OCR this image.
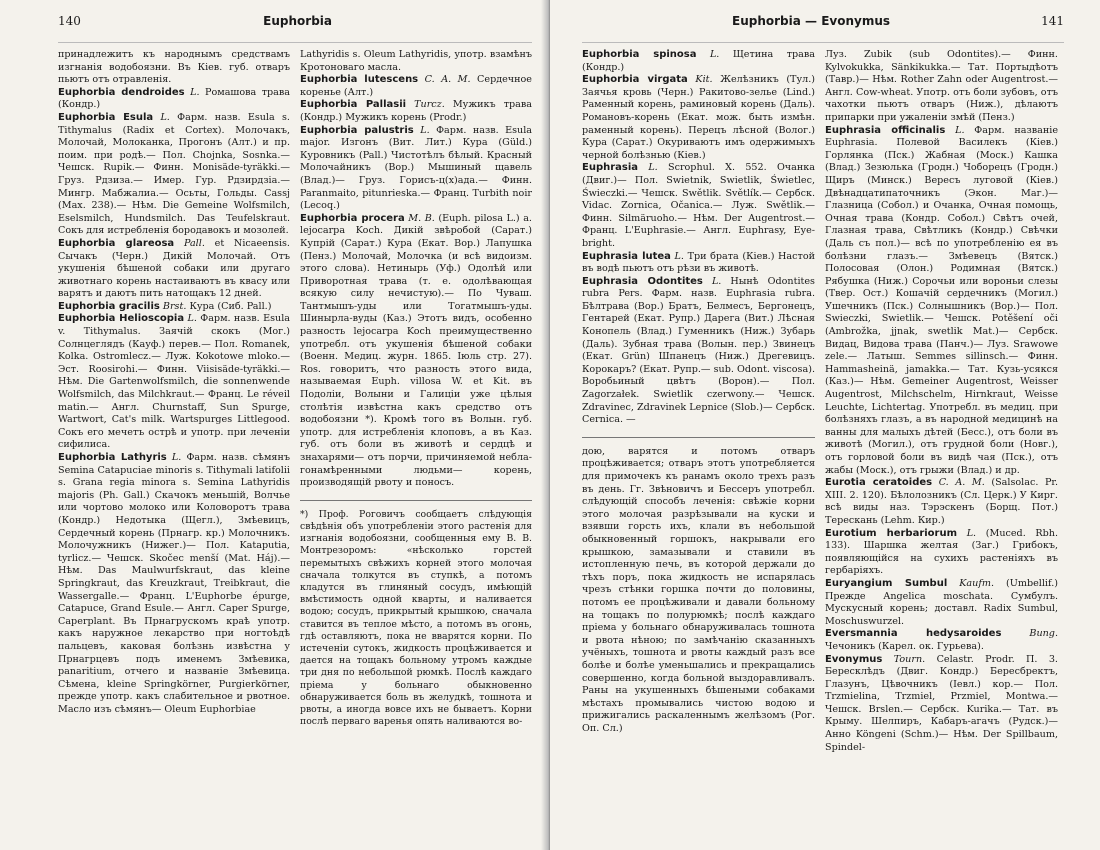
140	Euphorbia

принадлежитъ къ народнымъ средствамъ изгнанія водобоязни. Въ Кіев. губ. отваръ пьютъ отъ отравленія.

Euphorbia dendroides L. Ромашова трава (Кондр.)

Euphorbia Esula L. Фарм. назв. Esula s. Tithymalus (Radix et Cortex). Молочакъ, Молочай, Молоканка, Прогонъ (Алт.) и пр. поим. при родѣ.— Пол. Chojnka, Sosnka.— Чешск. Rupik.— Финн. Monisäde-tyräkki.— Груз. Рдзиза.— Имер. Гур. Рдзирдзia.— Мингр. Мабжалиа.— Осьты, Гольды. Cassj (Max. 238).— Нѣм. Die Gemeine Wolfsmilch, Eselsmilch, Hundsmilch. Das Teufelskraut. Сокъ для истребленія бородавокъ и мозолей.

Euphorbia glareosa Pall. et Nicaeensis. Сычакъ (Черн.) Дикій Молочай. Отъ укушенія бѣшеной собаки или другаго животнаго корень настаиваютъ въ квасу или варятъ и даютъ пить натощакъ 12 дней.

Euphorbia gracilis Brst. Кура (Сиб. Pall.)

Euphorbia Helioscopia L. Фарм. назв. Esula v. Tithymalus. Заячій скокъ (Мог.) Солнцеглядъ (Кауф.) перев.— Пол. Romanek, Kolka. Ostromlecz.— Луж. Kokotowe mloko.— Эст. Roosirohi.— Финн. Viisisäde-tyräkki.— Нѣм. Die Gartenwolfsmilch, die sonnenwende Wolfsmilch, das Milchkraut.— Франц. Le réveil matin.— Англ. Churnstaff, Sun Spurge, Wartwort, Cat's milk. Wartspurges Littlegood. Сокъ его мечетъ острѣ и употр. при леченіи сифилиса.

Euphorbia Lathyris L. Фарм. назв. сѣмянъ Semina Catapuciae minoris s. Tithymali latifolii s. Grana regia minora s. Semina Lathyridis majoris (Ph. Gall.) Скачокъ меньшій, Волчье или чортово молоко или Коловоротъ трава (Кондр.) Недотыка (Щегл.), Змѣевицъ, Сердечный корень (Прнагр. кр.) Молочникъ. Молочужникъ (Нижег.)— Пол. Kataputia, tyrlicz.— Чешск. Skočec menší (Mat. Háj).— Нѣм. Das Maulwurfskraut, das kleine Springkraut, das Kreuzkraut, Treibkraut, die Wassergalle.— Франц. L'Euphorbe épurge, Catapuce, Grand Esule.— Англ. Caper Spurge, Caperplant. Въ Прнагрускомъ краѣ употр. какъ наружное лекарство при ногтоѣдѣ пальцевъ, каковая болѣзнь извѣстна у Прнагрцевъ подъ именемъ Змѣевика, panaritium, отчего и названіе Змѣевица. Сѣмена, kleine Springkörner, Purgierkörner, прежде употр. какъ слабительное и рвотное. Масло изъ сѣмянъ— Oleum Euphorbiae

Lathyridis s. Oleum Lathyridis, употр. взамѣнъ Кротоноваго масла.

Euphorbia lutescens C. A. M. Сердечное кореньe (Алт.)

Euphorbia Pallasii Turcz. Мужикъ трава (Кондр.) Мужикъ корень (Prodr.)

Euphorbia palustris L. Фарм. назв. Esula major. Изгонъ (Вит. Лит.) Кура (Güld.) Куровникъ (Pall.) Чистотѣлъ бѣлый. Красный Молочайникъ (Вор.) Мышиный щавель (Влад.)— Груз. Горисъ-ц(х)ада.— Финн. Paranmaito, pitunrieska.— Франц. Turbith noir (Lecoq.)

Euphorbia procera M. B. (Euph. pilosa L.) a. lejocarpa Koch. Дикій звѣробой (Сарат.) Купрій (Сарат.) Кура (Екат. Вор.) Лапушка (Пенз.) Молочай, Молочка (и всѣ видоизм. этого слова). Нетинырь (Уф.) Одолѣй или Приворотная трава (т. е. одолѣвающая всякую силу нечистую).— По Чуваш. Тантмышъ-уды или Тогатмышъ-уды. Шинырла-вуды (Каз.) Этотъ видъ, особенно разность lejocarpa Koch преимущественно употребл. отъ укушенія бѣшеной собаки (Военн. Медиц. журн. 1865. Іюль стр. 27). Ros. говоритъ, что разность этого вида, называемая Euph. villosa W. et Kit. въ Подоліи, Волыни и Галиціи уже цѣлыя столѣтія извѣстна какъ средство отъ водобоязни *). Кромѣ того въ Волын. губ. употр. для истребленія клоповъ, а въ Каз. губ. отъ боли въ животѣ и сердцѣ и знахарями— отъ порчи, причиняемой небла-гонамѣренными людьми— корень, производящій рвоту и поносъ.

*) Проф. Роговичъ сообщаетъ слѣдующія свѣдѣнія объ употребленіи этого растенія для изгнанія водобоязни, сообщенныя ему В. В. Монтрезоромъ: «нѣсколько горстей перемытыхъ свѣжихъ корней этого молочая сначала толкутся въ ступкѣ, а потомъ кладутся въ глиняный сосудъ, имѣющій вмѣстимость одной кварты, и наливается водою; сосудъ, прикрытый крышкою, сначала ставится въ теплое мѣсто, а потомъ въ огонь, гдѣ оставляютъ, пока не вварятся корни. По истеченіи сутокъ, жидкость процѣживается и дается на тощакъ больному утромъ каждые три дня по небольшой рюмкѣ. Послѣ каждаго пріема у больнаго обыкновенно обнаруживается боль въ желудкѣ, тошнота и рвоты, а иногда вовсе ихъ не бываетъ. Корни послѣ перваго варенья опять наливаются во-

Euphorbia — Evonymus	141

Euphorbia spinosa L. Щетина трава (Кондр.)

Euphorbia virgata Kit. Желѣзникъ (Тул.) Заячья кровь (Черн.) Ракитово-зелье (Lind.) Раменный корень, раминовый корень (Даль). Романовъ-корень (Екат. мож. быть измѣн. раменный корень). Перецъ лѣсной (Волог.) Кура (Сарат.) Окуриваютъ имъ одержимыхъ черной болѣзнью (Кіев.)

Euphrasia L. Scrophul. X. 552. Очанка (Двиг.)— Пол. Swietnik, Swietlik, Świetlec, Świeczki.— Чешск. Swětlik. Světlík.— Сербск. Vidac. Zornica, Očanica.— Луж. Swětlik.— Финн. Silmäruoho.— Нѣм. Der Augentrost.— Франц. L'Euphrasie.— Англ. Euphrasy, Eye-bright.

Euphrasia lutea L. Три брата (Кіев.) Настой въ водѣ пьютъ отъ рѣзи въ животѣ.

Euphrasia Odontites L. Нынѣ Odontites rubra Pers. Фарм. назв. Euphrasia rubra. Бѣлтрава (Вор.) Братъ, Белмесъ, Бергонецъ, Гентарей (Екат. Рупр.) Дарега (Вит.) Лѣсная Конопель (Влад.) Гуменникъ (Ниж.) Зубарь (Даль). Зубная трава (Волын. пер.) Звинецъ (Екат. Grün) Шпанецъ (Ниж.) Дрегевицъ. Корокаръ? (Екат. Рупр.— sub. Odont. viscosa). Воробьиный цвѣтъ (Ворон).— Пол. Zagorzałek. Swietlik czerwony.— Чешск. Zdravinec, Zdravinek Lepnice (Slob.)— Сербск. Cernica. —

дою, варятся и потомъ отваръ процѣживается; отваръ этотъ употребляется для примочекъ къ ранамъ около трехъ разъ въ день. Гг. Звѣновичъ и Бессеръ употребл. слѣдующій способъ леченія: свѣжіе корни этого молочая разрѣзывали на куски и взявши горсть ихъ, клали въ небольшой обыкновенный горшокъ, накрывали его крышкою, замазывали и ставили въ истопленную печь, въ которой держали до тѣхъ поръ, пока жидкость не испарялась чрезъ стѣнки горшка почти до половины, потомъ ее процѣживали и давали больному на тощакъ по полурюмкѣ; послѣ каждаго пріема у больнаго обнаруживалась тошнота и рвота нѣною; по замѣчанію сказанныхъ учёныхъ, тошнота и рвоты каждый разъ все болѣе и болѣе уменьшались и прекращались совершенно, когда больной выздоравливалъ. Раны на укушенныхъ бѣшеными собаками мѣстахъ промывались чистою водою и прижигались раскаленнымъ желѣзомъ (Рог. Оп. Сл.)

Луз. Zubik (sub Odontites).— Финн. Kylvokukka, Sänkikukka.— Тат. Портыдѣотъ (Тавр.)— Нѣм. Rother Zahn oder Augentrost.— Англ. Cow-wheat. Употр. отъ боли зубовъ, отъ чахотки пьютъ отваръ (Ниж.), дѣлаютъ припарки при ужаленіи змѣй (Пенз.)

Euphrasia officinalis L. Фарм. названіе Euphrasia. Полевой Василекъ (Кіев.) Горлянка (Пск.) Жабная (Моск.) Кашка (Влад.) Зезюлька (Гродн.) Чоборецъ (Гродн.) Щиръ (Минск.) Вересъ луговой (Кіев.) Двѣнадцатипаточникъ (Экон. Маг.)— Глазница (Собол.) и Очанка, Очная помощь, Очная трава (Кондр. Собол.) Свѣтъ очей, Глазная трава, Свѣтликъ (Кондр.) Свѣчки (Даль съ пол.)— всѣ по употребленію ея въ болѣзни глазъ.— Змѣевецъ (Вятск.) Полосовая (Олон.) Родимная (Вятск.) Рябушка (Ниж.) Сорочьи или вороньи слезы (Твер. Ост.) Кошачій сердечникъ (Могил.) Ушечникъ (Пск.) Солнышникъ (Вор.)— Пол. Swieczki, Swietlik.— Чешск. Potěšení oči (Ambrožka, jjnak, swetlik Mat.)— Сербск. Видац, Видова трава (Панч.)— Луз. Srawowe zele.— Латыш. Semmes sillinsch.— Финн. Hammasheinä, jamakka.— Тат. Кузь-усякся (Каз.)— Нѣм. Gemeiner Augentrost, Weisser Augentrost, Milchschelm, Hirnkraut, Weisse Leuchte, Lichtertag. Употребл. въ медиц. при болѣзняхъ глазъ, а въ народной медицинѣ на ванны для малыхъ дѣтей (Бесс.), отъ боли въ животѣ (Могил.), отъ грудной боли (Новг.), отъ горловой боли въ видѣ чая (Пск.), отъ жабы (Моск.), отъ грыжи (Влад.) и др.

Eurotia ceratoides C. A. M. (Salsolac. Pr. XIII. 2. 120). Бѣлолозникъ (Сл. Церк.) У Кирг. всѣ виды наз. Тэрэскенъ (Борщ. Пот.) Терескань (Lehm. Кир.)

Eurotium herbariorum L. (Muced. Rbh. 133). Шаршка желтая (Заг.) Грибокъ, появляющійся на сухихъ растеніяхъ въ гербаріяхъ.

Euryangium Sumbul Kaufm. (Umbellif.) Прежде Angelica moschata. Сумбулъ. Мускусный корень; доставл. Radix Sumbul, Moschuswurzel.

Eversmannia hedysaroides	Bung. Чечоникъ (Карел. ок. Гурьева).

Evonymus Tourn. Celastr. Prodr. П. 3. Бересклѣдъ (Двиг. Кондр.) Бересбректъ, Глазунъ, Цѣвочникъ (Іевл.) кор.— Пол. Trzmielina, Trzmiel, Przmiel, Montwa.— Чешск. Brslen.— Сербск. Kurika.— Тат. въ Крыму. Шелпиръ, Кабаръ-агачъ (Рудск.)— Анно Köngeni (Schm.)— Нѣм. Der Spillbaum, Spindel-
